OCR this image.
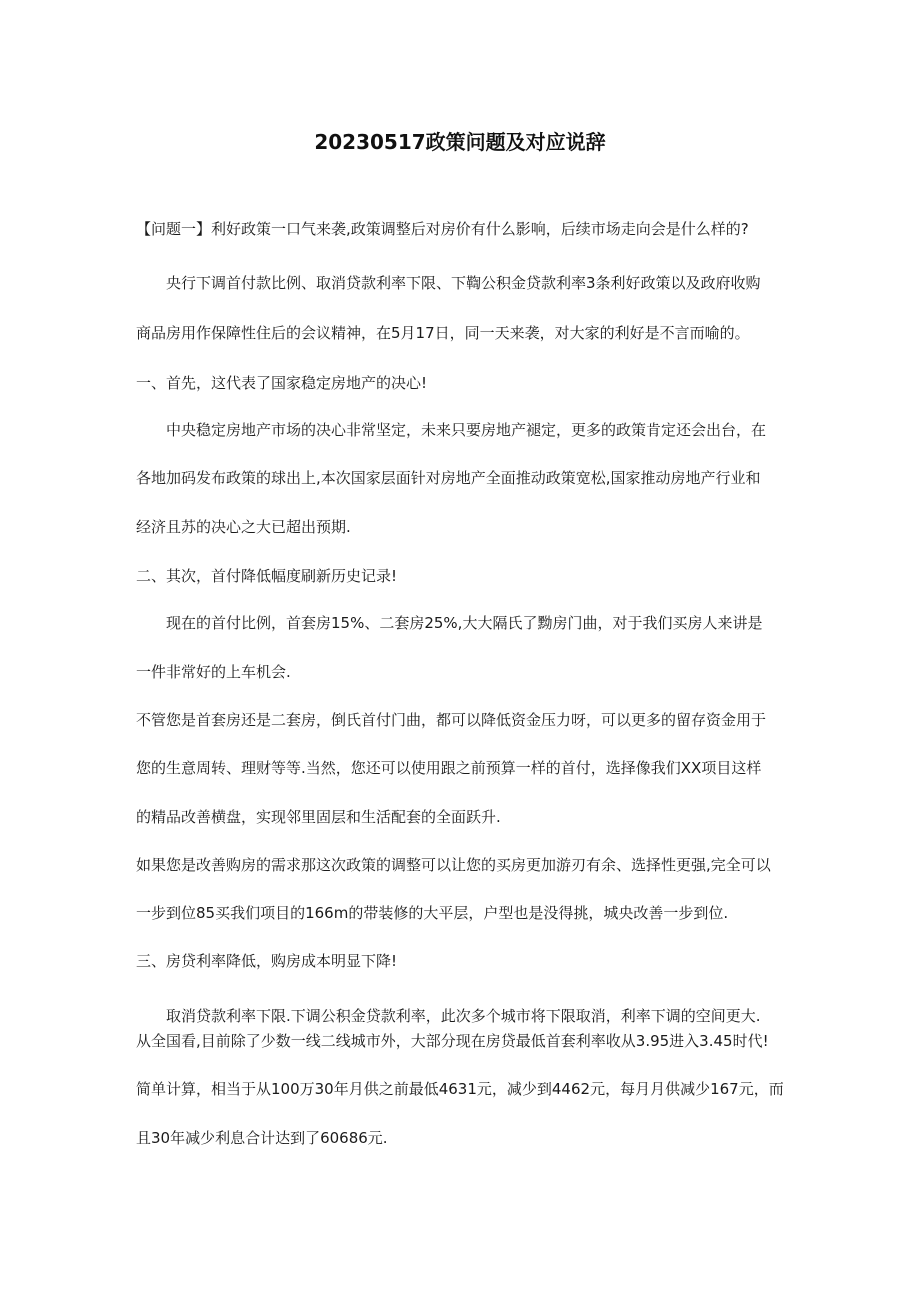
20230517政策问题及对应说辞

【问题一】利好政策一口气来袭,政策调整后对房价有什么影响，后续市场走向会是什么样的?

央行下调首付款比例、取消贷款利率下限、下鞫公积金贷款利率3条利好政策以及政府收购

商品房用作保障性住后的会议精神，在5月17日，同一天来袭，对大家的利好是不言而喻的。

一、首先，这代表了国家稳定房地产的决心!

中央稳定房地产市场的决心非常坚定，未来只要房地产褪定，更多的政策肯定还会出台，在

各地加码发布政策的球出上,本次国家层面针对房地产全面推动政策宽松,国家推动房地产行业和

经济且苏的决心之大已超出预期.

二、其次，首付降低幅度刷新历史记录!

现在的首付比例，首套房15%、二套房25%,大大隔氏了黝房门曲，对于我们买房人来讲是

一件非常好的上车机会.

不管您是首套房还是二套房，倒氏首付门曲，都可以降低资金压力呀，可以更多的留存资金用于

您的生意周转、理财等等.当然，您还可以使用跟之前预算一样的首付，选择像我们XX项目这样

的精品改善横盘，实现邻里固层和生活配套的全面跃升.

如果您是改善购房的需求那这次政策的调整可以让您的买房更加游刃有余、选择性更强,完全可以

一步到位85买我们项目的166m的带装修的大平层，户型也是没得挑，城央改善一步到位.

三、房贷利率降低，购房成本明显下降!

取消贷款利率下限.下调公积金贷款利率，此次多个城市将下限取消，利率下调的空间更大.

从全国看,目前除了少数一线二线城市外，大部分现在房贷最低首套利率收从3.95进入3.45时代!

简单计算，相当于从100万30年月供之前最低4631元，减少到4462元，每月月供减少167元，而

且30年减少利息合计达到了60686元.
